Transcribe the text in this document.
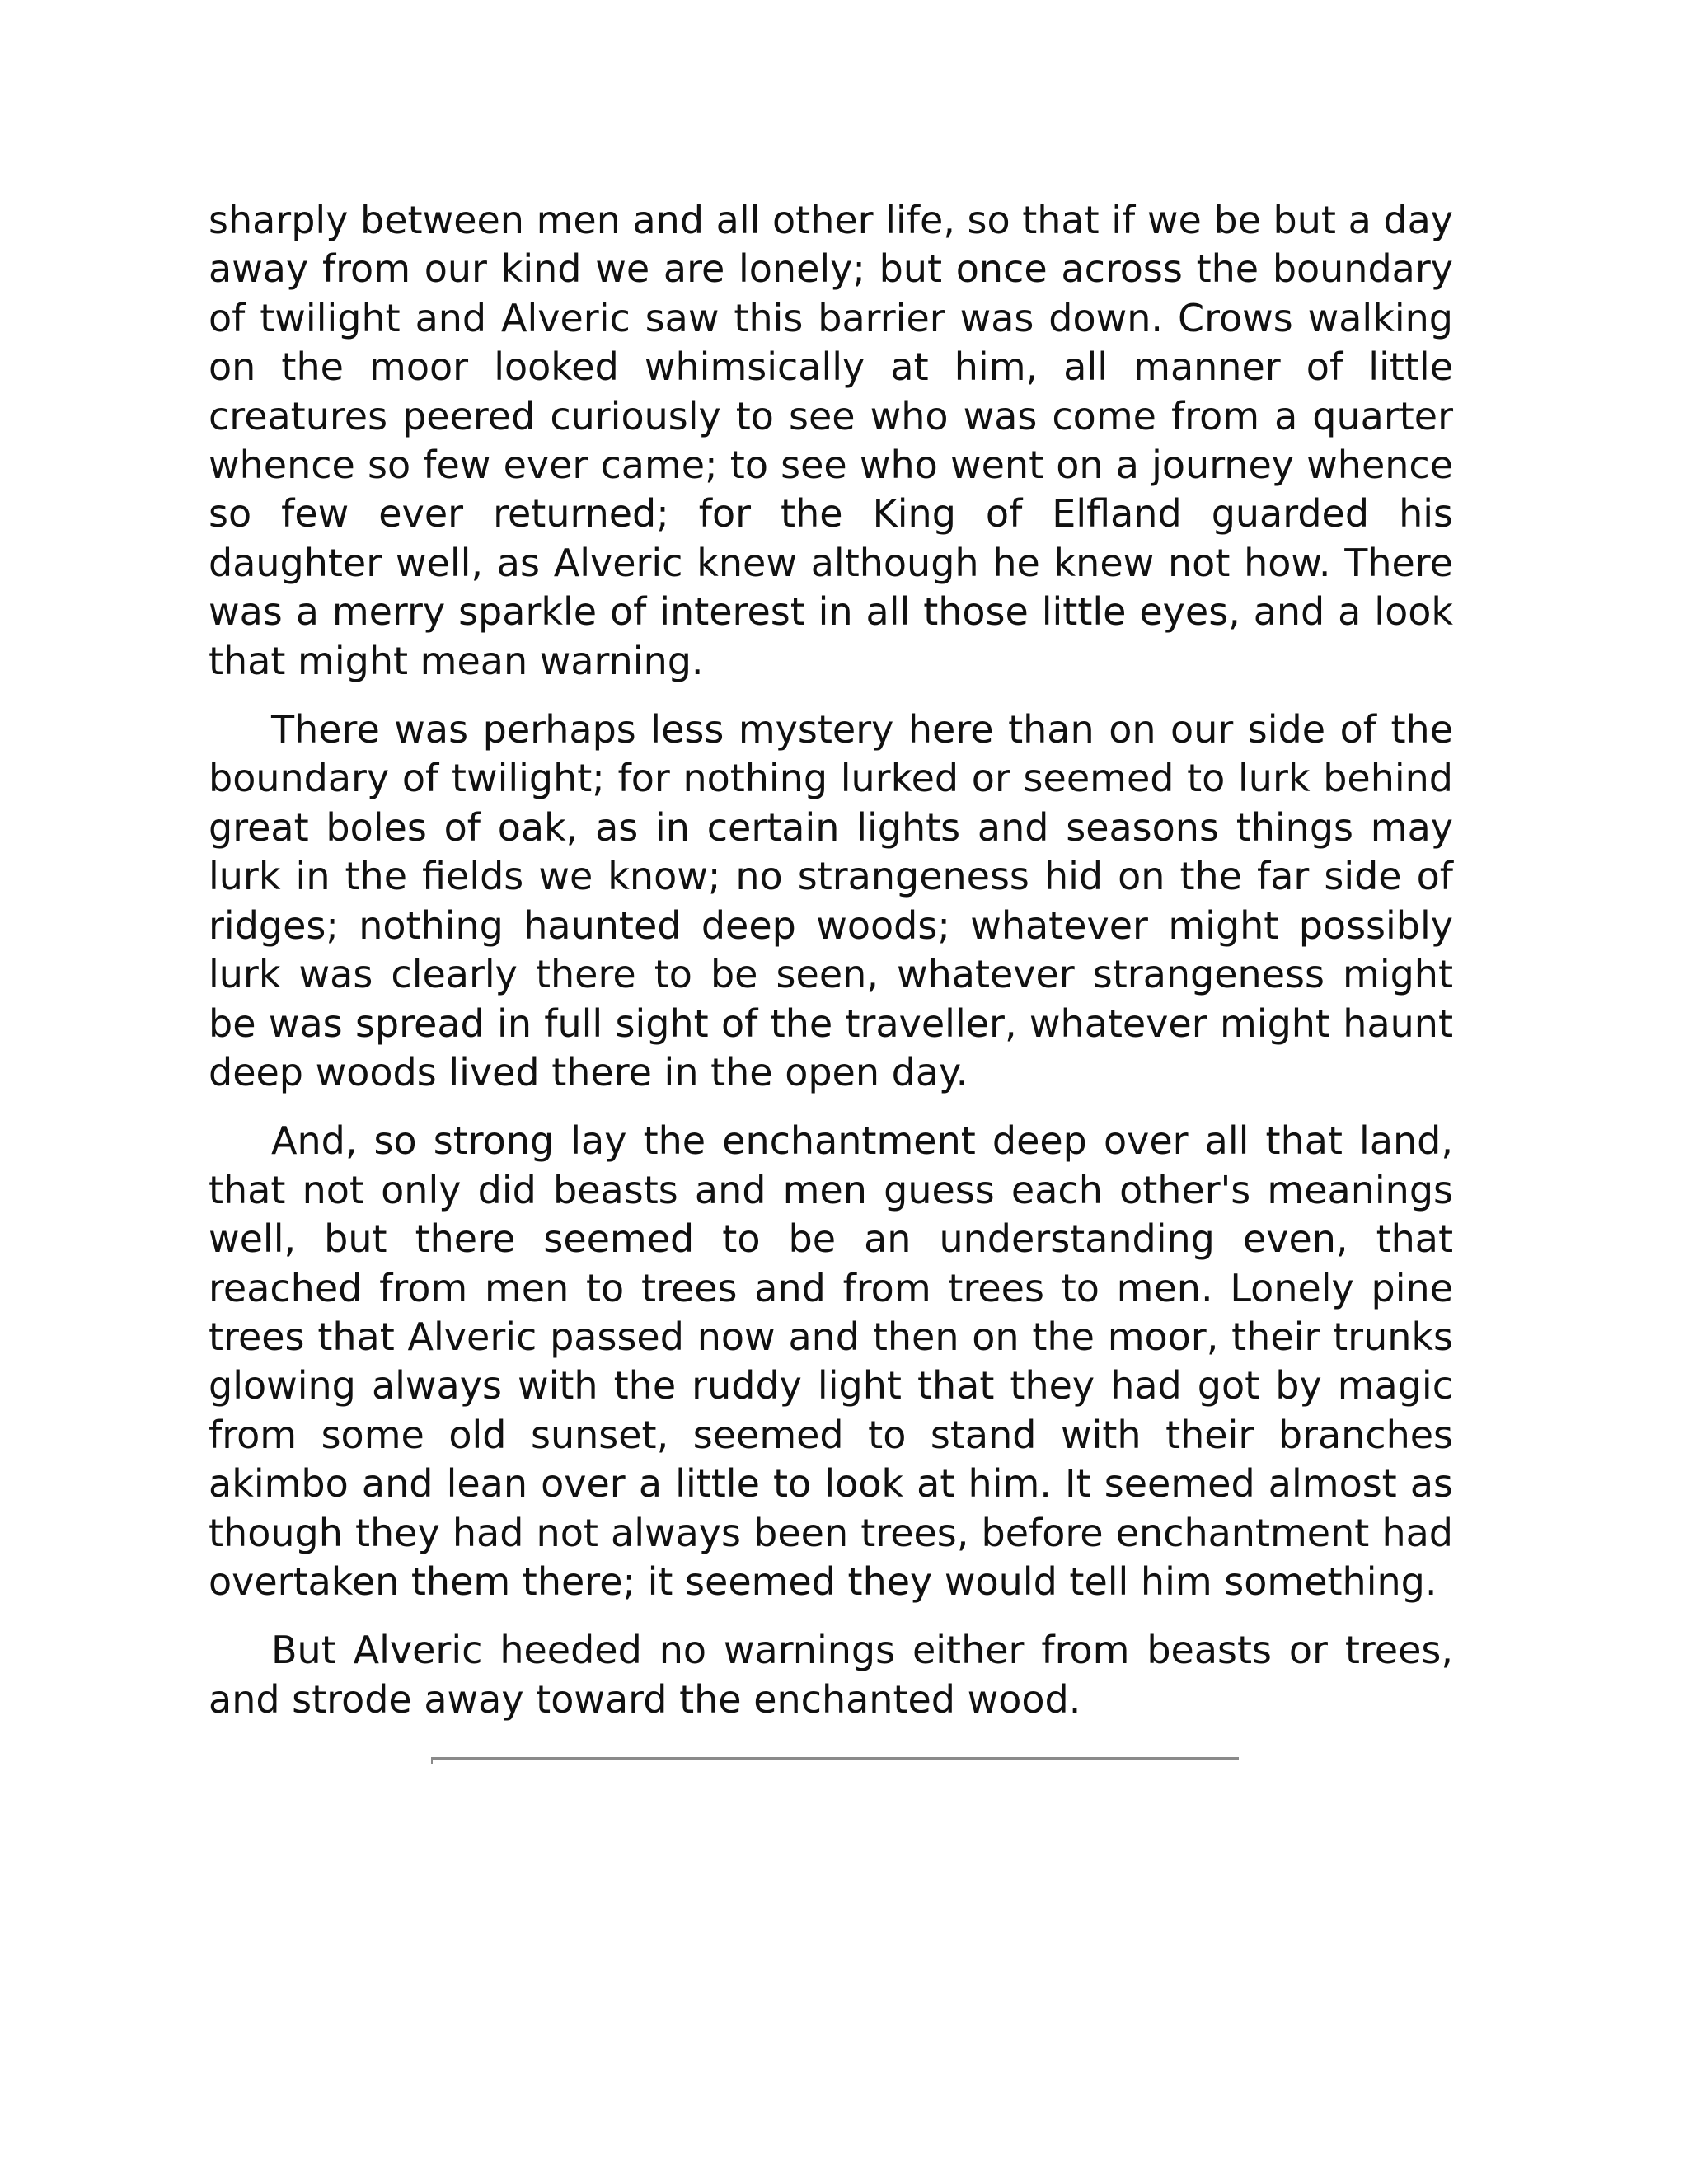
sharply between men and all other life, so that if we be but a day away from our kind we are lonely; but once across the boundary of twilight and Alveric saw this barrier was down. Crows walking on the moor looked whimsically at him, all manner of little creatures peered curiously to see who was come from a quarter whence so few ever came; to see who went on a journey whence so few ever returned; for the King of Elfland guarded his daughter well, as Alveric knew although he knew not how. There was a merry sparkle of interest in all those little eyes, and a look that might mean warning.

There was perhaps less mystery here than on our side of the boundary of twilight; for nothing lurked or seemed to lurk behind great boles of oak, as in certain lights and seasons things may lurk in the fields we know; no strangeness hid on the far side of ridges; nothing haunted deep woods; whatever might possibly lurk was clearly there to be seen, whatever strangeness might be was spread in full sight of the traveller, whatever might haunt deep woods lived there in the open day.

And, so strong lay the enchantment deep over all that land, that not only did beasts and men guess each other's meanings well, but there seemed to be an understanding even, that reached from men to trees and from trees to men. Lonely pine trees that Alveric passed now and then on the moor, their trunks glowing always with the ruddy light that they had got by magic from some old sunset, seemed to stand with their branches akimbo and lean over a little to look at him. It seemed almost as though they had not always been trees, before enchantment had overtaken them there; it seemed they would tell him something.

But Alveric heeded no warnings either from beasts or trees, and strode away toward the enchanted wood.
